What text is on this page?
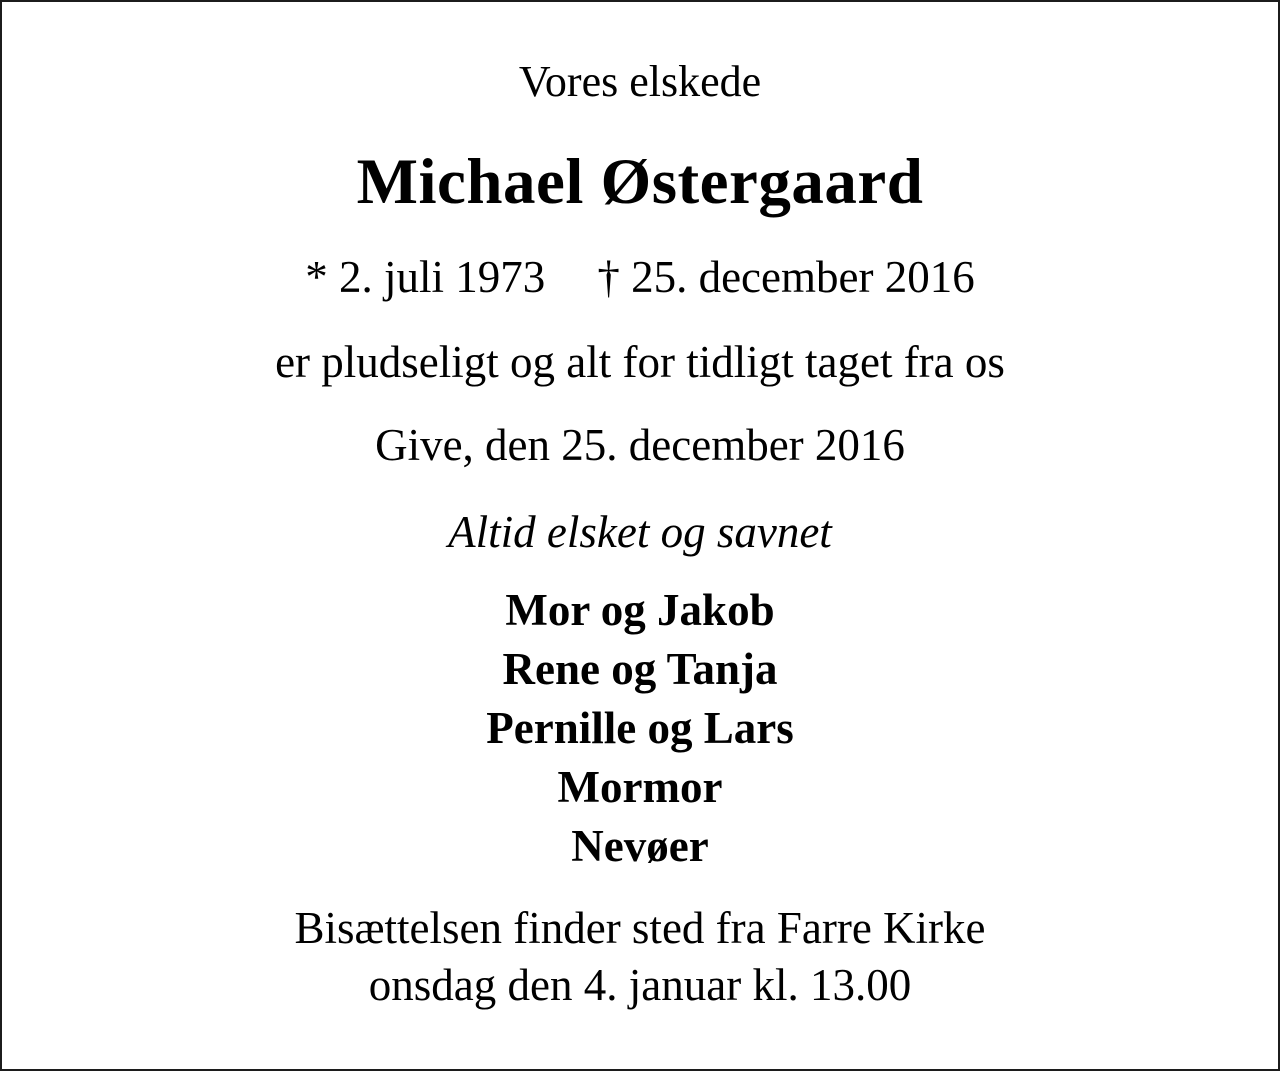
Vores elskede
Michael Østergaard
* 2. juli 1973 † 25. december 2016
er pludseligt og alt for tidligt taget fra os
Give, den 25. december 2016
Altid elsket og savnet
Mor og Jakob
Rene og Tanja
Pernille og Lars
Mormor
Nevøer
Bisættelsen finder sted fra Farre Kirke
onsdag den 4. januar kl. 13.00
